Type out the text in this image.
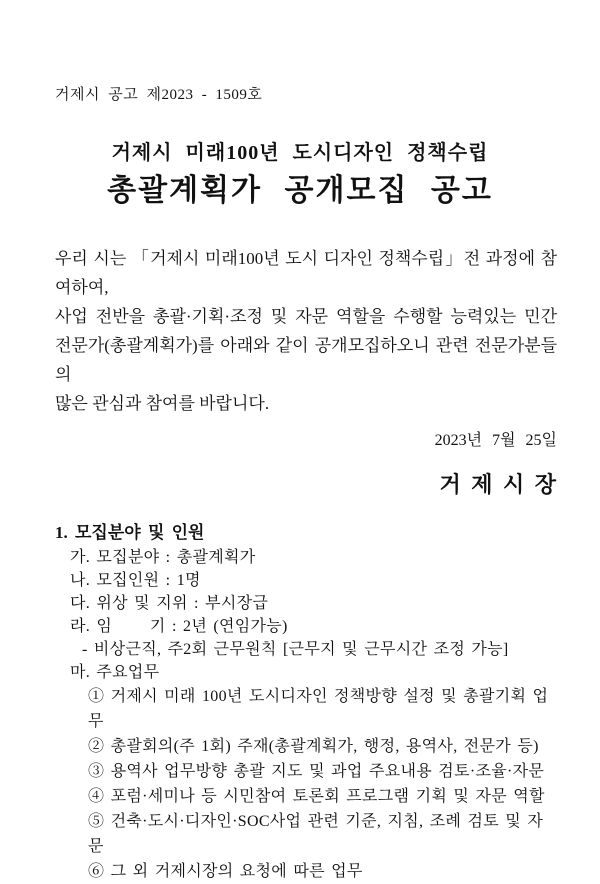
거제시 공고 제2023 - 1509호
거제시 미래100년 도시디자인 정책수립
총괄계획가 공개모집 공고
우리 시는 「거제시 미래100년 도시 디자인 정책수립」전 과정에 참여하여,
사업 전반을 총괄·기획·조정 및 자문 역할을 수행할 능력있는 민간
전문가(총괄계획가)를 아래와 같이 공개모집하오니 관련 전문가분들의
많은 관심과 참여를 바랍니다.
2023년 7월 25일
거 제 시 장
1. 모집분야 및 인원
가. 모집분야 : 총괄계획가
나. 모집인원 : 1명
다. 위상 및 지위 : 부시장급
라. 임      기 : 2년 (연임가능)
- 비상근직, 주2회 근무원칙 [근무지 및 근무시간 조정 가능]
마. 주요업무
① 거제시 미래 100년 도시디자인 정책방향 설정 및 총괄기획 업무
② 총괄회의(주 1회) 주재(총괄계획가, 행정, 용역사, 전문가 등)
③ 용역사 업무방향 총괄 지도 및 과업 주요내용 검토·조율·자문
④ 포럼·세미나 등 시민참여 토론회 프로그램 기획 및 자문 역할
⑤ 건축·도시·디자인·SOC사업 관련 기준, 지침, 조례 검토 및 자문
⑥ 그 외 거제시장의 요청에 따른 업무
